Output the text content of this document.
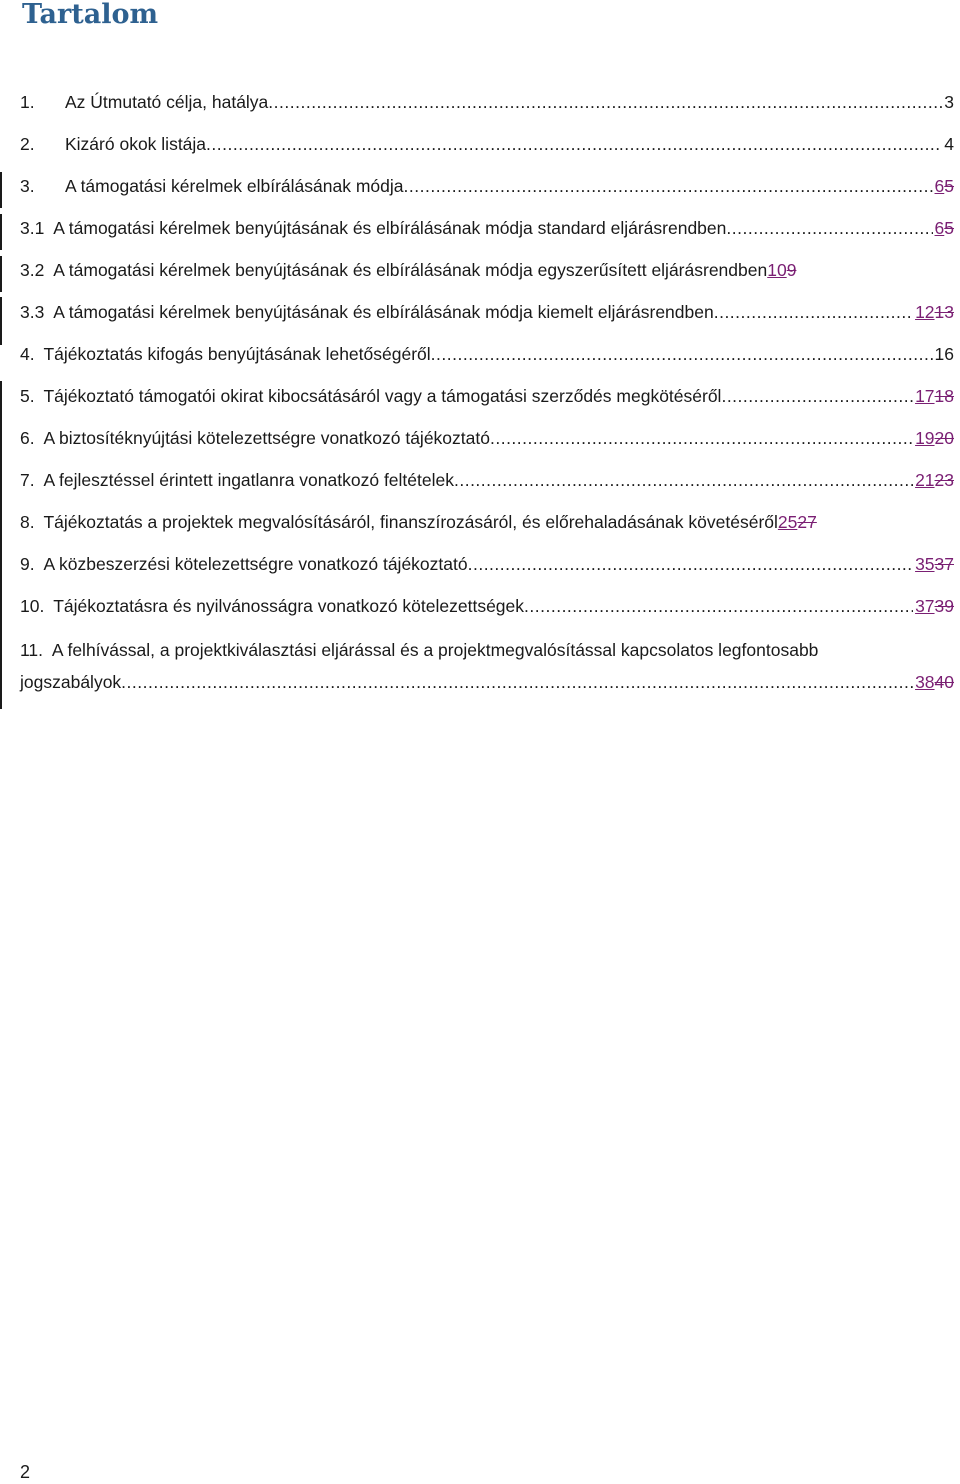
Tartalom
1.	Az Útmutató célja, hatálya .....	3
2.	Kizáró okok listája .....	4
3.	A támogatási kérelmek elbírálásának módja .....	65
3.1 A támogatási kérelmek benyújtásának és elbírálásának módja standard eljárásrendben .....	65
3.2 A támogatási kérelmek benyújtásának és elbírálásának módja egyszerűsített eljárásrendben 109
3.3 A támogatási kérelmek benyújtásának és elbírálásának módja kiemelt eljárásrendben .....	1213
4. Tájékoztatás kifogás benyújtásának lehetőségéről .....	16
5. Tájékoztató támogatói okirat kibocsátásáról vagy a támogatási szerződés megkötéséről .....	1718
6. A biztosítéknyújtási kötelezettségre vonatkozó tájékoztató .....	1920
7. A fejlesztéssel érintett ingatlanra vonatkozó feltételek .....	2123
8. Tájékoztatás a projektek megvalósításáról, finanszírozásáról, és előrehaladásának követéséről 2527
9. A közbeszerzési kötelezettségre vonatkozó tájékoztató .....	3537
10. Tájékoztatásra és nyilvánosságra vonatkozó kötelezettségek .....	3739
11. A felhívással, a projektkiválasztási eljárással és a projektmegvalósítással kapcsolatos legfontosabb
jogszabályok .....	3840
2
